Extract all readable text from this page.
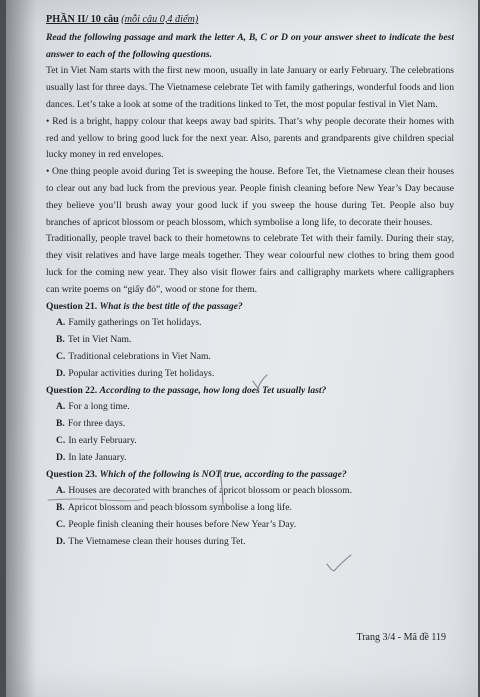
PHẦN II/ 10 câu (mỗi câu 0,4 điểm)

Read the following passage and mark the letter A, B, C or D on your answer sheet to indicate the best answer to each of the following questions.

Tet in Viet Nam starts with the first new moon, usually in late January or early February. The celebrations usually last for three days. The Vietnamese celebrate Tet with family gatherings, wonderful foods and lion dances. Let’s take a look at some of the traditions linked to Tet, the most popular festival in Viet Nam.

• Red is a bright, happy colour that keeps away bad spirits. That’s why people decorate their homes with red and yellow to bring good luck for the next year. Also, parents and grandparents give children special lucky money in red envelopes.

• One thing people avoid during Tet is sweeping the house. Before Tet, the Vietnamese clean their houses to clear out any bad luck from the previous year. People finish cleaning before New Year’s Day because they believe you’ll brush away your good luck if you sweep the house during Tet. People also buy branches of apricot blossom or peach blossom, which symbolise a long life, to decorate their houses.

Traditionally, people travel back to their hometowns to celebrate Tet with their family. During their stay, they visit relatives and have large meals together. They wear colourful new clothes to bring them good luck for the coming new year. They also visit flower fairs and calligraphy markets where calligraphers can write poems on “giấy đỏ”, wood or stone for them.

Question 21. What is the best title of the passage?

A. Family gatherings on Tet holidays.

B. Tet in Viet Nam.

C. Traditional celebrations in Viet Nam.

D. Popular activities during Tet holidays.

Question 22. According to the passage, how long does Tet usually last?

A. For a long time.

B. For three days.

C. In early February.

D. In late January.

Question 23. Which of the following is NOT true, according to the passage?

A. Houses are decorated with branches of apricot blossom or peach blossom.

B. Apricot blossom and peach blossom symbolise a long life.

C. People finish cleaning their houses before New Year’s Day.

D. The Vietnamese clean their houses during Tet.

Trang 3/4 - Mã đề 119
